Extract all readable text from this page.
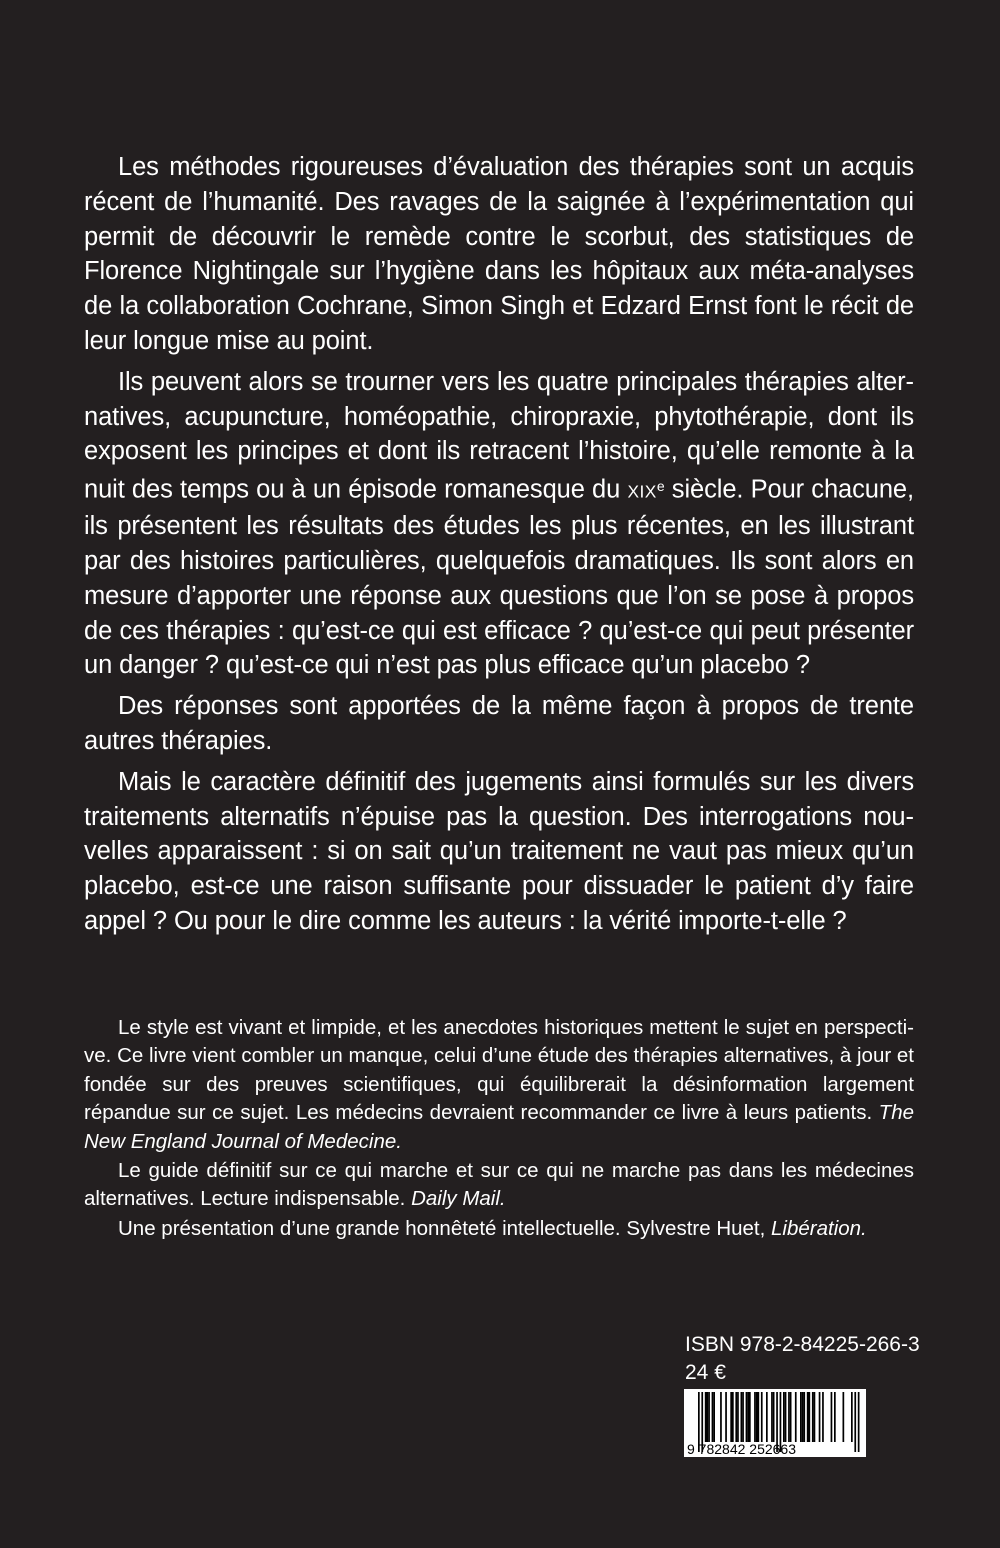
Les méthodes rigoureuses d’évaluation des thérapies sont un acquis récent de l’humanité. Des ravages de la saignée à l’expérimentation qui permit de découvrir le remède contre le scorbut, des statistiques de Florence Nightingale sur l’hygiène dans les hôpitaux aux méta-analyses de la collaboration Cochrane, Simon Singh et Edzard Ernst font le récit de leur longue mise au point.

Ils peuvent alors se trourner vers les quatre principales thérapies alternatives, acupuncture, homéopathie, chiropraxie, phytothérapie, dont ils exposent les principes et dont ils retracent l’histoire, qu’elle remonte à la nuit des temps ou à un épisode romanesque du XIXe siècle. Pour chacune, ils présentent les résultats des études les plus récentes, en les illustrant par des histoires particulières, quelquefois dramatiques. Ils sont alors en mesure d’apporter une réponse aux questions que l’on se pose à propos de ces thérapies : qu’est-ce qui est efficace ? qu’est-ce qui peut présenter un danger ? qu’est-ce qui n’est pas plus efficace qu’un placebo ?

Des réponses sont apportées de la même façon à propos de trente autres thérapies.

Mais le caractère définitif des jugements ainsi formulés sur les divers traitements alternatifs n’épuise pas la question. Des interrogations nouvelles apparaissent : si on sait qu’un traitement ne vaut pas mieux qu’un placebo, est-ce une raison suffisante pour dissuader le patient d’y faire appel ? Ou pour le dire comme les auteurs : la vérité importe-t-elle ?

Le style est vivant et limpide, et les anecdotes historiques mettent le sujet en perspective. Ce livre vient combler un manque, celui d’une étude des thérapies alternatives, à jour et fondée sur des preuves scientifiques, qui équilibrerait la désinformation largement répandue sur ce sujet. Les médecins devraient recommander ce livre à leurs patients. The New England Journal of Medecine.

Le guide définitif sur ce qui marche et sur ce qui ne marche pas dans les médecines alternatives. Lecture indispensable. Daily Mail.

Une présentation d’une grande honnêteté intellectuelle. Sylvestre Huet, Libération.

ISBN 978-2-84225-266-3
24 €
9 782842 252663
